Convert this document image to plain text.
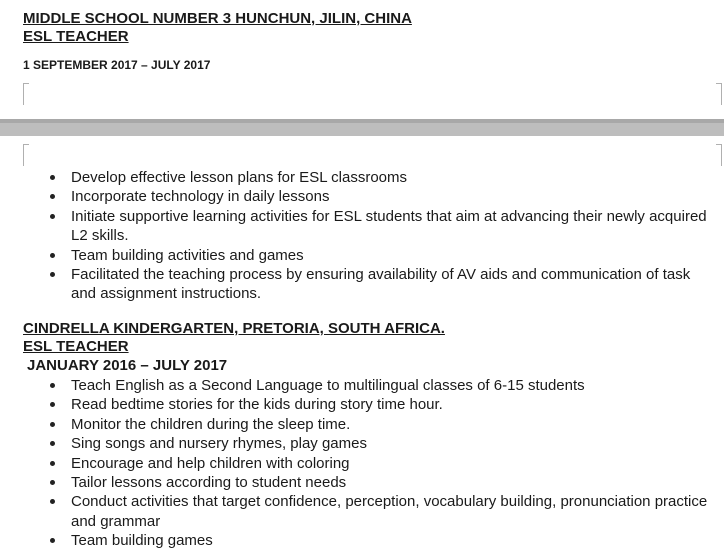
MIDDLE SCHOOL NUMBER 3 HUNCHUN, JILIN, CHINA
ESL TEACHER
1 SEPTEMBER 2017 – JULY 2017
Develop effective lesson plans for ESL classrooms
Incorporate technology in daily lessons
Initiate supportive learning activities for ESL students that aim at advancing their newly acquired L2 skills.
Team building activities and games
Facilitated the teaching process by ensuring availability of AV aids and communication of task and assignment instructions.
CINDRELLA KINDERGARTEN, PRETORIA, SOUTH AFRICA.
ESL TEACHER
JANUARY 2016 – JULY 2017
Teach English as a Second Language to multilingual classes of 6-15 students
Read bedtime stories for the kids during story time hour.
Monitor the children during the sleep time.
Sing songs and nursery rhymes, play games
Encourage and help children with coloring
Tailor lessons according to student needs
Conduct activities that target confidence, perception, vocabulary building, pronunciation practice and grammar
Team building games
